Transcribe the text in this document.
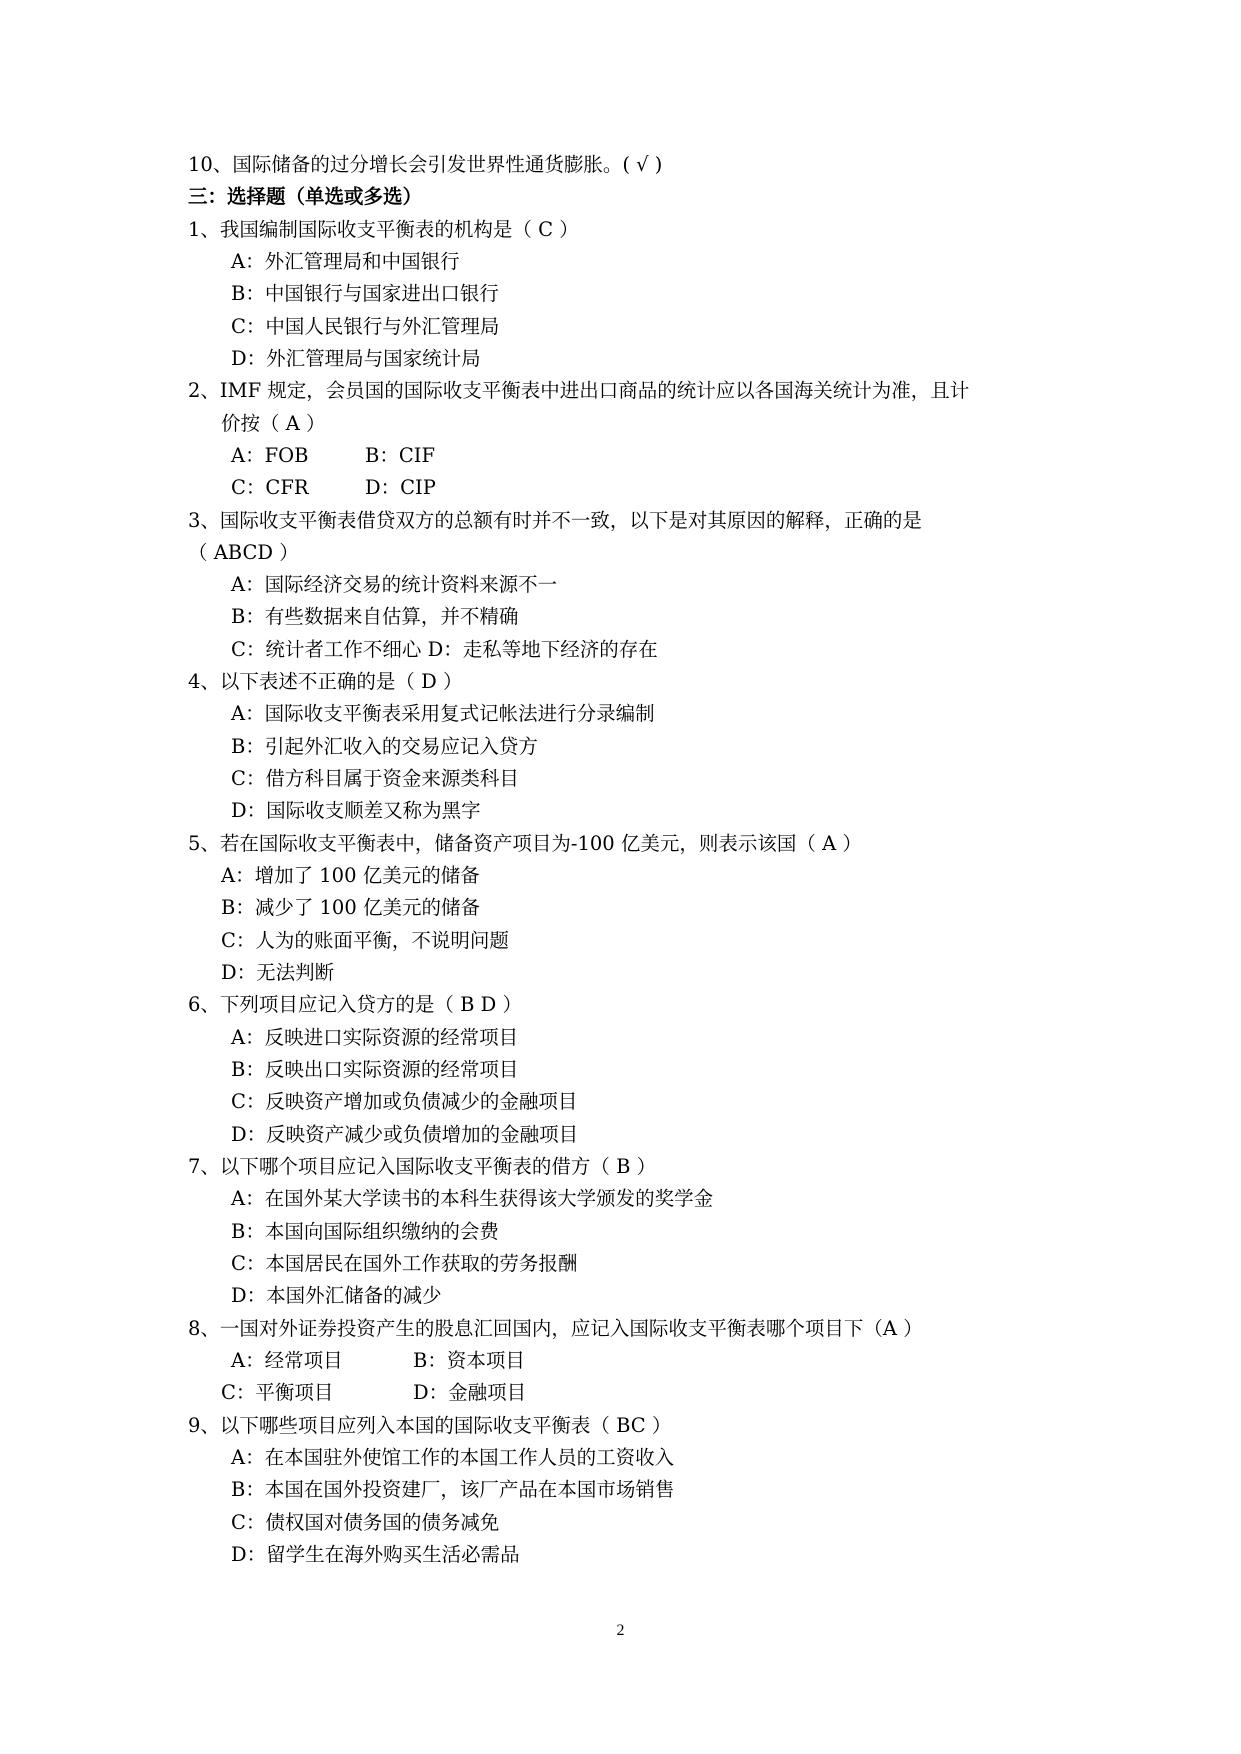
10、国际储备的过分增长会引发世界性通货膨胀。( √ )
三：选择题（单选或多选）
1、我国编制国际收支平衡表的机构是（ C ）
A：外汇管理局和中国银行
B：中国银行与国家进出口银行
C：中国人民银行与外汇管理局
D：外汇管理局与国家统计局
2、IMF 规定，会员国的国际收支平衡表中进出口商品的统计应以各国海关统计为准，且计
价按（ A ）
A：FOB	B：CIF
C：CFR	D：CIP
3、国际收支平衡表借贷双方的总额有时并不一致，以下是对其原因的解释，正确的是
（ ABCD ）
A：国际经济交易的统计资料来源不一
B：有些数据来自估算，并不精确
C：统计者工作不细心 D：走私等地下经济的存在
4、以下表述不正确的是（ D ）
A：国际收支平衡表采用复式记帐法进行分录编制
B：引起外汇收入的交易应记入贷方
C：借方科目属于资金来源类科目
D：国际收支顺差又称为黑字
5、若在国际收支平衡表中，储备资产项目为-100 亿美元，则表示该国（ A ）
A：增加了 100 亿美元的储备
B：减少了 100 亿美元的储备
C：人为的账面平衡，不说明问题
D：无法判断
6、下列项目应记入贷方的是（ B D ）
A：反映进口实际资源的经常项目
B：反映出口实际资源的经常项目
C：反映资产增加或负债减少的金融项目
D：反映资产减少或负债增加的金融项目
7、以下哪个项目应记入国际收支平衡表的借方（ B ）
A：在国外某大学读书的本科生获得该大学颁发的奖学金
B：本国向国际组织缴纳的会费
C：本国居民在国外工作获取的劳务报酬
D：本国外汇储备的减少
8、一国对外证券投资产生的股息汇回国内，应记入国际收支平衡表哪个项目下（A ）
A：经常项目	B：资本项目
C：平衡项目	D：金融项目
9、以下哪些项目应列入本国的国际收支平衡表（ BC ）
A：在本国驻外使馆工作的本国工作人员的工资收入
B：本国在国外投资建厂，该厂产品在本国市场销售
C：债权国对债务国的债务减免
D：留学生在海外购买生活必需品
2
